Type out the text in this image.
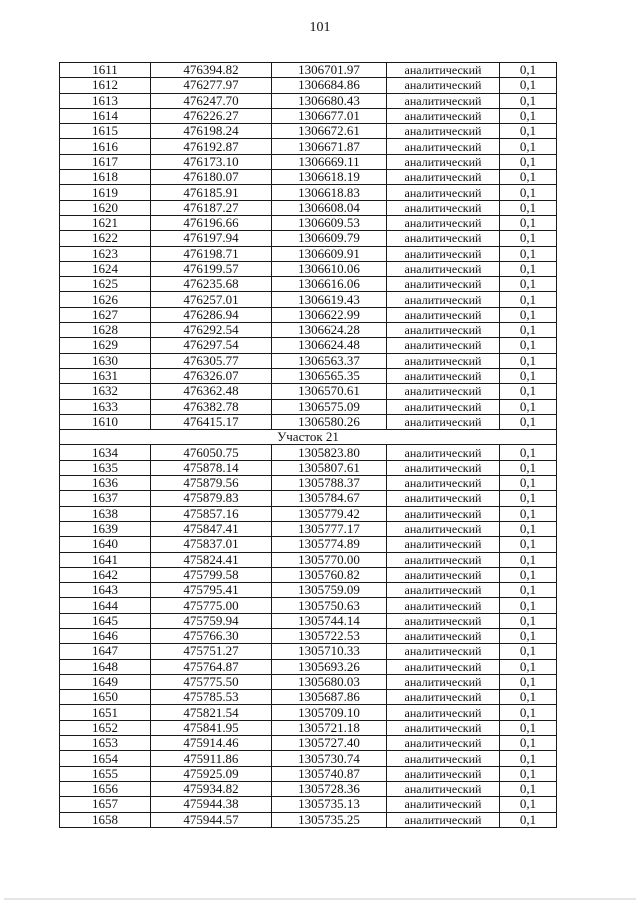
101
1611	476394.82	1306701.97	аналитический	0,1
1612	476277.97	1306684.86	аналитический	0,1
1613	476247.70	1306680.43	аналитический	0,1
1614	476226.27	1306677.01	аналитический	0,1
1615	476198.24	1306672.61	аналитический	0,1
1616	476192.87	1306671.87	аналитический	0,1
1617	476173.10	1306669.11	аналитический	0,1
1618	476180.07	1306618.19	аналитический	0,1
1619	476185.91	1306618.83	аналитический	0,1
1620	476187.27	1306608.04	аналитический	0,1
1621	476196.66	1306609.53	аналитический	0,1
1622	476197.94	1306609.79	аналитический	0,1
1623	476198.71	1306609.91	аналитический	0,1
1624	476199.57	1306610.06	аналитический	0,1
1625	476235.68	1306616.06	аналитический	0,1
1626	476257.01	1306619.43	аналитический	0,1
1627	476286.94	1306622.99	аналитический	0,1
1628	476292.54	1306624.28	аналитический	0,1
1629	476297.54	1306624.48	аналитический	0,1
1630	476305.77	1306563.37	аналитический	0,1
1631	476326.07	1306565.35	аналитический	0,1
1632	476362.48	1306570.61	аналитический	0,1
1633	476382.78	1306575.09	аналитический	0,1
1610	476415.17	1306580.26	аналитический	0,1
Участок 21				
1634	476050.75	1305823.80	аналитический	0,1
1635	475878.14	1305807.61	аналитический	0,1
1636	475879.56	1305788.37	аналитический	0,1
1637	475879.83	1305784.67	аналитический	0,1
1638	475857.16	1305779.42	аналитический	0,1
1639	475847.41	1305777.17	аналитический	0,1
1640	475837.01	1305774.89	аналитический	0,1
1641	475824.41	1305770.00	аналитический	0,1
1642	475799.58	1305760.82	аналитический	0,1
1643	475795.41	1305759.09	аналитический	0,1
1644	475775.00	1305750.63	аналитический	0,1
1645	475759.94	1305744.14	аналитический	0,1
1646	475766.30	1305722.53	аналитический	0,1
1647	475751.27	1305710.33	аналитический	0,1
1648	475764.87	1305693.26	аналитический	0,1
1649	475775.50	1305680.03	аналитический	0,1
1650	475785.53	1305687.86	аналитический	0,1
1651	475821.54	1305709.10	аналитический	0,1
1652	475841.95	1305721.18	аналитический	0,1
1653	475914.46	1305727.40	аналитический	0,1
1654	475911.86	1305730.74	аналитический	0,1
1655	475925.09	1305740.87	аналитический	0,1
1656	475934.82	1305728.36	аналитический	0,1
1657	475944.38	1305735.13	аналитический	0,1
1658	475944.57	1305735.25	аналитический	0,1
